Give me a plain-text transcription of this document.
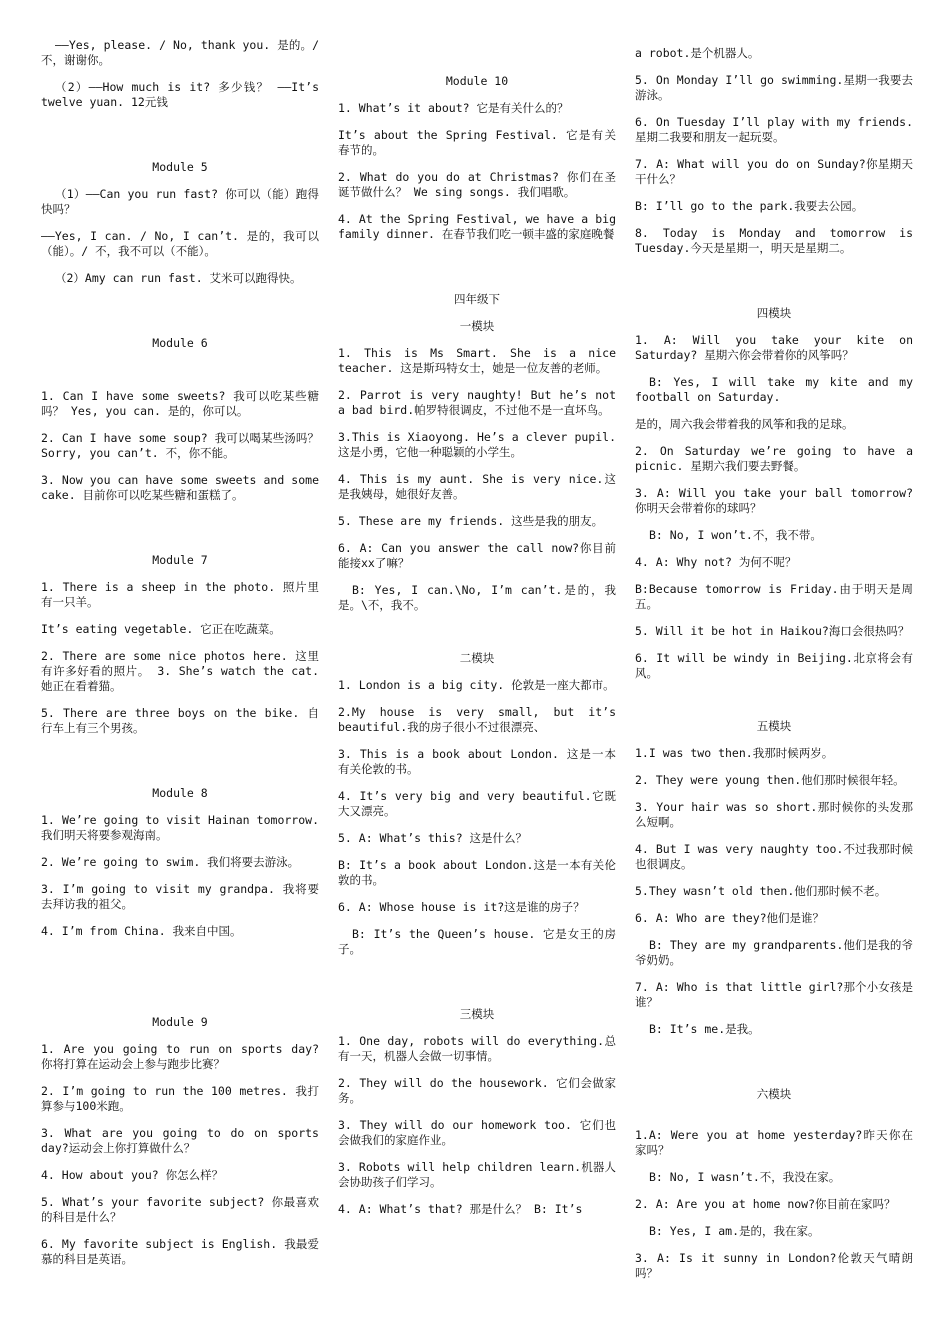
——Yes, please. / No, thank you. 是的。/ 不，谢谢你。

（2）——How much is it? 多少钱？ ——It’s twelve yuan. 12元钱

Module 5

（1）——Can you run fast? 你可以（能）跑得快吗？

——Yes, I can. / No, I can’t. 是的，我可以（能）。/ 不，我不可以（不能）。

（2）Amy can run fast. 艾米可以跑得快。

Module 6

1. Can I have some sweets? 我可以吃某些糖吗？ Yes, you can. 是的，你可以。

2. Can I have some soup? 我可以喝某些汤吗？ Sorry, you can’t. 不，你不能。

3. Now you can have some sweets and some cake. 目前你可以吃某些糖和蛋糕了。

Module 7

1. There is a sheep in the photo. 照片里有一只羊。

It’s eating vegetable. 它正在吃蔬菜。

2. There are some nice photos here. 这里有许多好看的照片。 3. She’s watch the cat. 她正在看着猫。

5. There are three boys on the bike. 自行车上有三个男孩。

Module 8

1. We’re going to visit Hainan tomorrow. 我们明天将要参观海南。

2. We’re going to swim. 我们将要去游泳。

3. I’m going to visit my grandpa. 我将要去拜访我的祖父。

4. I’m from China. 我来自中国。

Module 9

1. Are you going to run on sports day? 你将打算在运动会上参与跑步比赛？

2. I’m going to run the 100 metres. 我打算参与100米跑。

3. What are you going to do on sports day?运动会上你打算做什么？

4. How about you? 你怎么样？

5. What’s your favorite subject? 你最喜欢的科目是什么？

6. My favorite subject is English. 我最爱慕的科目是英语。

Module 10

1. What’s it about? 它是有关什么的？

It’s about the Spring Festival. 它是有关春节的。

2. What do you do at Christmas? 你们在圣诞节做什么？ We sing songs. 我们唱歌。

4. At the Spring Festival, we have a big family dinner. 在春节我们吃一顿丰盛的家庭晚餐

四年级下

一模块

1. This is Ms Smart. She is a nice teacher. 这是斯玛特女士，她是一位友善的老师。

2. Parrot is very naughty! But he’s not a bad bird.帕罗特很调皮，不过他不是一直坏鸟。

3.This is Xiaoyong. He’s a clever pupil.这是小勇，它他一种聪颖的小学生。

4. This is my aunt. She is very nice.这是我姨母，她很好友善。

5. These are my friends. 这些是我的朋友。

6. A: Can you answer the call now?你目前能接xx了嘛？

B: Yes, I can.\No, I’m can’t.是的，我是。\不，我不。

二模块

1. London is a big city. 伦敦是一座大都市。

2.My house is very small, but it’s beautiful.我的房子很小不过很漂亮、

3. This is a book about London. 这是一本有关伦敦的书。

4. It’s very big and very beautiful.它既大又漂亮。

5. A: What’s this? 这是什么？

B: It’s a book about London.这是一本有关伦敦的书。

6. A: Whose house is it?这是谁的房子？

B: It’s the Queen’s house. 它是女王的房子。

三模块

1. One day, robots will do everything.总有一天，机器人会做一切事情。

2. They will do the housework. 它们会做家务。

3. They will do our homework too. 它们也会做我们的家庭作业。

3. Robots will help children learn.机器人会协助孩子们学习。

4. A: What’s that? 那是什么？ B: It’s

a robot.是个机器人。

5. On Monday I’ll go swimming.星期一我要去游泳。

6. On Tuesday I’ll play with my friends.星期二我要和朋友一起玩耍。

7. A: What will you do on Sunday?你星期天干什么？

B: I’ll go to the park.我要去公园。

8. Today is Monday and tomorrow is Tuesday.今天是星期一，明天是星期二。

四模块

1. A: Will you take your kite on Saturday? 星期六你会带着你的风筝吗？

B: Yes, I will take my kite and my football on Saturday.

是的，周六我会带着我的风筝和我的足球。

2. On Saturday we’re going to have a picnic. 星期六我们要去野餐。

3. A: Will you take your ball tomorrow? 你明天会带着你的球吗？

B: No, I won’t.不，我不带。

4. A: Why not? 为何不呢？

B:Because tomorrow is Friday.由于明天是周五。

5. Will it be hot in Haikou?海口会很热吗？

6. It will be windy in Beijing.北京将会有风。

五模块

1.I was two then.我那时候两岁。

2. They were young then.他们那时候很年轻。

3. Your hair was so short.那时候你的头发那么短啊。

4. But I was very naughty too.不过我那时候也很调皮。

5.They wasn’t old then.他们那时候不老。

6. A: Who are they?他们是谁？

B: They are my grandparents.他们是我的爷爷奶奶。

7. A: Who is that little girl?那个小女孩是谁？

B: It’s me.是我。

六模块

1.A: Were you at home yesterday?昨天你在家吗？

B: No, I wasn’t.不，我没在家。

2. A: Are you at home now?你目前在家吗？

B: Yes, I am.是的，我在家。

3. A: Is it sunny in London?伦敦天气晴朗吗？
